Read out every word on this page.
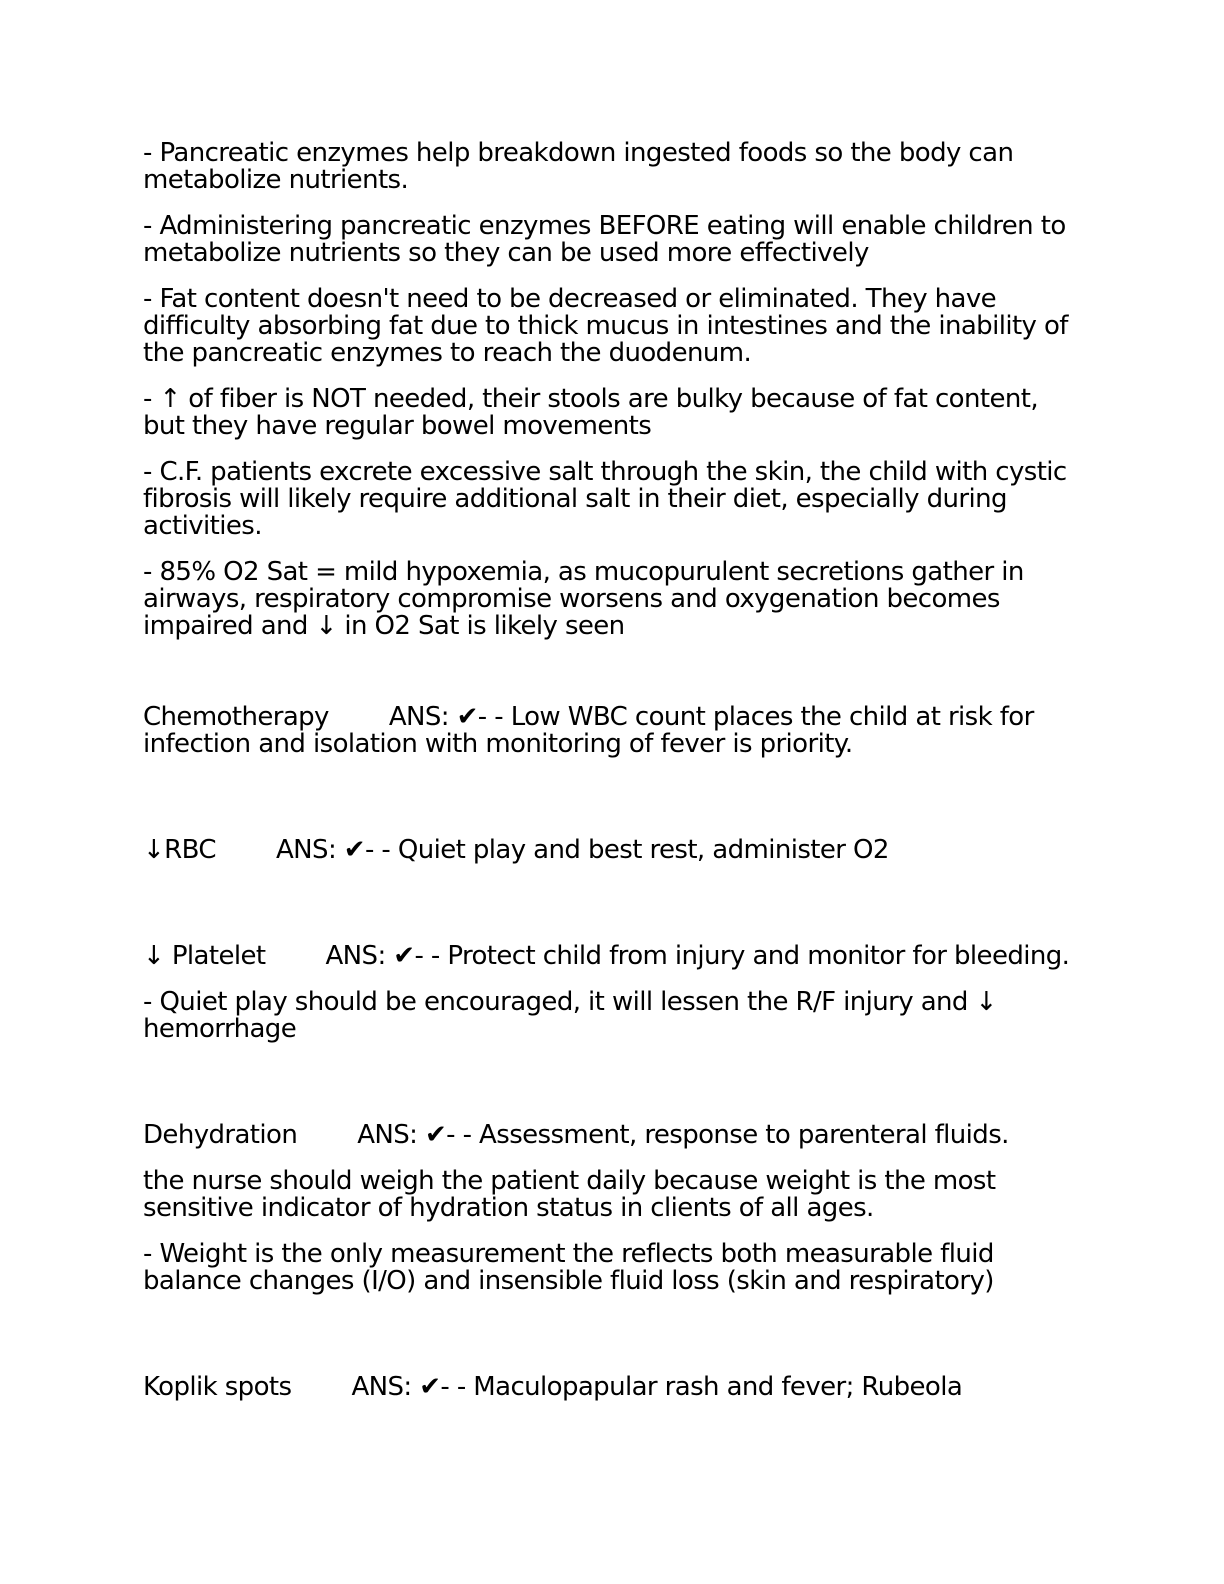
- Pancreatic enzymes help breakdown ingested foods so the body can metabolize nutrients.

- Administering pancreatic enzymes BEFORE eating will enable children to metabolize nutrients so they can be used more effectively

- Fat content doesn't need to be decreased or eliminated. They have difficulty absorbing fat due to thick mucus in intestines and the inability of the pancreatic enzymes to reach the duodenum.

- ↑ of fiber is NOT needed, their stools are bulky because of fat content, but they have regular bowel movements

- C.F. patients excrete excessive salt through the skin, the child with cystic fibrosis will likely require additional salt in their diet, especially during activities.

- 85% O2 Sat = mild hypoxemia, as mucopurulent secretions gather in airways, respiratory compromise worsens and oxygenation becomes impaired and ↓ in O2 Sat is likely seen

Chemotherapy ANS: ✔- - Low WBC count places the child at risk for infection and isolation with monitoring of fever is priority.

↓RBC ANS: ✔- - Quiet play and best rest, administer O2

↓ Platelet ANS: ✔- - Protect child from injury and monitor for bleeding.

- Quiet play should be encouraged, it will lessen the R/F injury and ↓ hemorrhage

Dehydration ANS: ✔- - Assessment, response to parenteral fluids.

the nurse should weigh the patient daily because weight is the most sensitive indicator of hydration status in clients of all ages.

- Weight is the only measurement the reflects both measurable fluid balance changes (I/O) and insensible fluid loss (skin and respiratory)

Koplik spots ANS: ✔- - Maculopapular rash and fever; Rubeola
